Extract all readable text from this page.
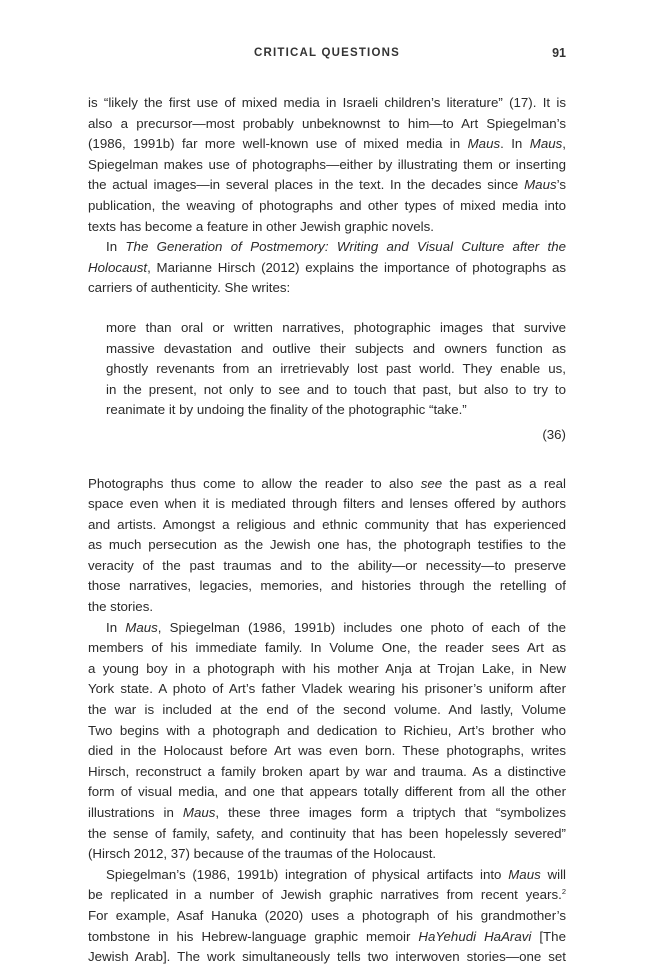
CRITICAL QUESTIONS	91

is “likely the first use of mixed media in Israeli children’s literature” (17). It is
also a precursor—most probably unbeknownst to him—to Art Spiegelman’s
(1986, 1991b) far more well-known use of mixed media in Maus. In Maus,
Spiegelman makes use of photographs—either by illustrating them or inserting
the actual images—in several places in the text. In the decades since Maus’s
publication, the weaving of photographs and other types of mixed media into
texts has become a feature in other Jewish graphic novels.

In The Generation of Postmemory: Writing and Visual Culture after the
Holocaust, Marianne Hirsch (2012) explains the importance of photographs as
carriers of authenticity. She writes:

more than oral or written narratives, photographic images that survive
massive devastation and outlive their subjects and owners function as
ghostly revenants from an irretrievably lost past world. They enable us,
in the present, not only to see and to touch that past, but also to try to
reanimate it by undoing the finality of the photographic “take.”

(36)

Photographs thus come to allow the reader to also see the past as a real
space even when it is mediated through filters and lenses offered by authors
and artists. Amongst a religious and ethnic community that has experienced
as much persecution as the Jewish one has, the photograph testifies to the
veracity of the past traumas and to the ability—or necessity—to preserve
those narratives, legacies, memories, and histories through the retelling of
the stories.

In Maus, Spiegelman (1986, 1991b) includes one photo of each of the
members of his immediate family. In Volume One, the reader sees Art as
a young boy in a photograph with his mother Anja at Trojan Lake, in New
York state. A photo of Art’s father Vladek wearing his prisoner’s uniform after
the war is included at the end of the second volume. And lastly, Volume
Two begins with a photograph and dedication to Richieu, Art’s brother who
died in the Holocaust before Art was even born. These photographs, writes
Hirsch, reconstruct a family broken apart by war and trauma. As a distinctive
form of visual media, and one that appears totally different from all the other
illustrations in Maus, these three images form a triptych that “symbolizes
the sense of family, safety, and continuity that has been hopelessly severed”
(Hirsch 2012, 37) because of the traumas of the Holocaust.

Spiegelman’s (1986, 1991b) integration of physical artifacts into Maus will
be replicated in a number of Jewish graphic narratives from recent years.$^2$
For example, Asaf Hanuka (2020) uses a photograph of his grandmother’s
tombstone in his Hebrew-language graphic memoir HaYehudi HaAravi [The
Jewish Arab]. The work simultaneously tells two interwoven stories—one set
